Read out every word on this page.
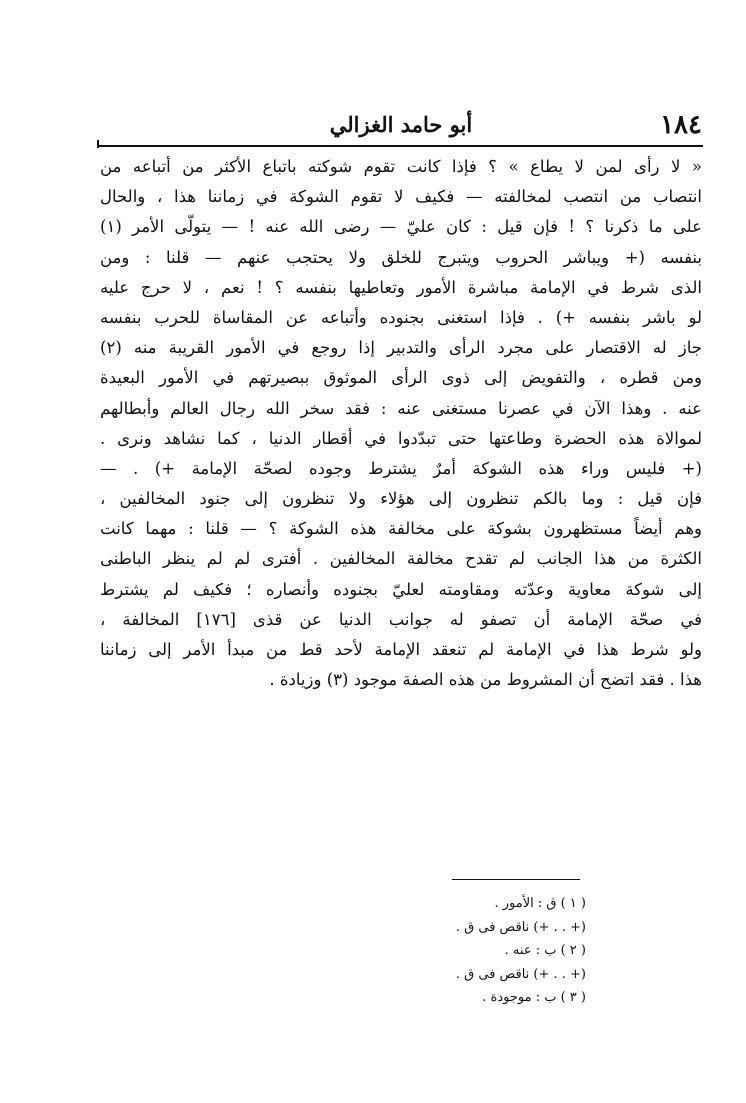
١٨٤
أبو حامد الغزالي
« لا رأى لمن لا يطاع » ؟ فإذا كانت تقوم شوكته باتباع الأكثر من أتباعه من
انتصاب من انتصب لمخالفته — فكيف لا تقوم الشوكة في زماننا هذا ، والحال
على ما ذكرنا ؟ ! فإن قيل : كان عليّ — رضى الله عنه ! — يتولّى الأمر (١)
بنفسه (+ ويباشر الحروب ويتبرج للخلق ولا يحتجب عنهم — قلنا : ومن
الذى شرط في الإمامة مباشرة الأمور وتعاطيها بنفسه ؟ ! نعم ، لا حرج عليه
لو باشر بنفسه +) . فإذا استغنى بجنوده وأتباعه عن المقاساة للحرب بنفسه
جاز له الاقتصار على مجرد الرأى والتدبير إذا روجع في الأمور القريبة منه (٢)
ومن قطره ، والتفويض إلى ذوى الرأى الموثوق ببصيرتهم في الأمور البعيدة
عنه . وهذا الآن في عصرنا مستغنى عنه : فقد سخر الله رجال العالم وأبطالهم
لموالاة هذه الحضرة وطاعتها حتى تبدّدوا في أقطار الدنيا ، كما نشاهد ونرى .
(+ فليس وراء هذه الشوكة أمرٌ يشترط وجوده لصحّة الإمامة +) . —
فإن قيل : وما بالكم تنظرون إلى هؤلاء ولا تنظرون إلى جنود المخالفين ،
وهم أيضاً مستظهرون بشوكة على مخالفة هذه الشوكة ؟ — قلنا : مهما كانت
الكثرة من هذا الجانب لم تقدح مخالفة المخالفين . أفترى لم لم ينظر الباطنى
إلى شوكة معاوية وعدّته ومقاومته لعليّ بجنوده وأنصاره ؛ فكيف لم يشترط
في صحّة الإمامة أن تصفو له جوانب الدنيا عن قذى [١٧٦] المخالفة ،
ولو شرط هذا في الإمامة لم تنعقد الإمامة لأحد قط من مبدأ الأمر إلى زماننا
هذا . فقد اتضح أن المشروط من هذه الصفة موجود (٣) وزيادة .
( ١ ) ق : الأمور .
(+ . . +) ناقص فى ق .
( ٢ ) ب : عنه .
(+ . . +) ناقص فى ق .
( ٣ ) ب : موجودة .
